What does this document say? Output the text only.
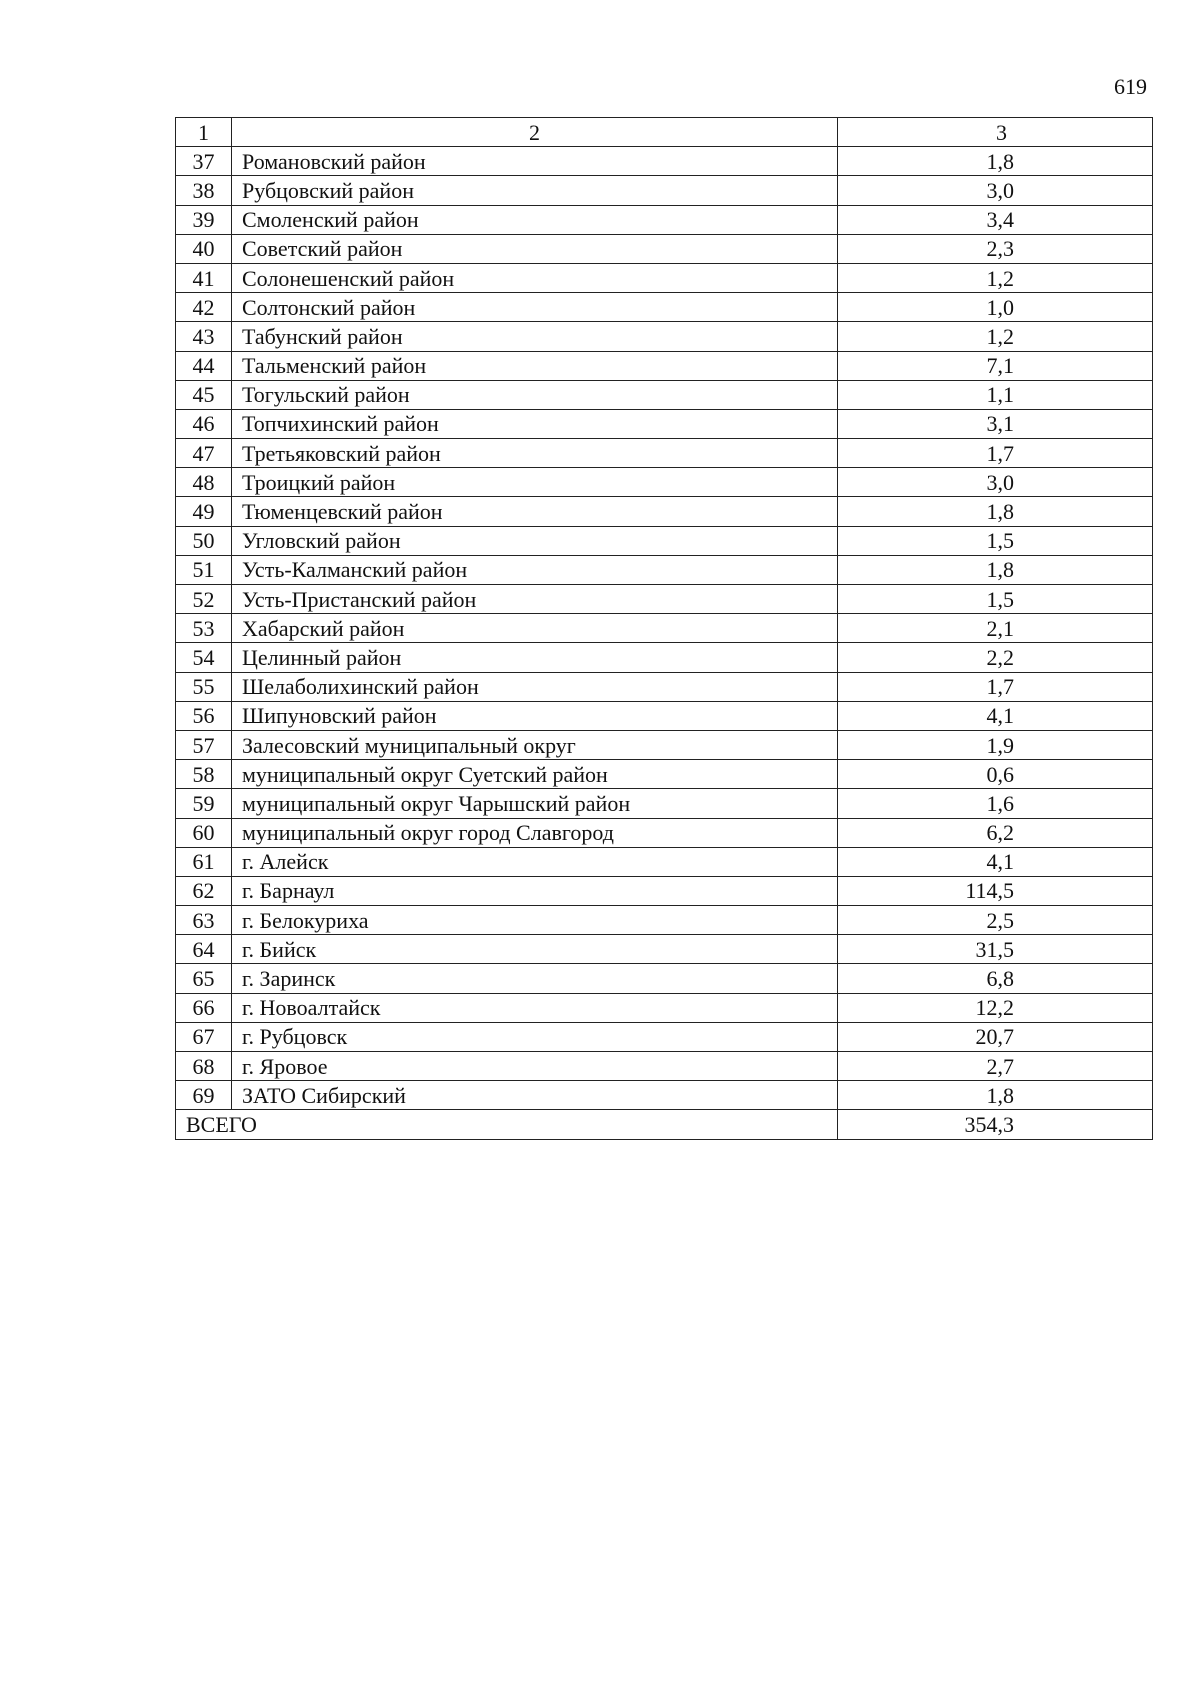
619
1	2	3
37	Романовский район	1,8
38	Рубцовский район	3,0
39	Смоленский район	3,4
40	Советский район	2,3
41	Солонешенский район	1,2
42	Солтонский район	1,0
43	Табунский район	1,2
44	Тальменский район	7,1
45	Тогульский район	1,1
46	Топчихинский район	3,1
47	Третьяковский район	1,7
48	Троицкий район	3,0
49	Тюменцевский район	1,8
50	Угловский район	1,5
51	Усть-Калманский район	1,8
52	Усть-Пристанский район	1,5
53	Хабарский район	2,1
54	Целинный район	2,2
55	Шелаболихинский район	1,7
56	Шипуновский район	4,1
57	Залесовский муниципальный округ	1,9
58	муниципальный округ Суетский район	0,6
59	муниципальный округ Чарышский район	1,6
60	муниципальный округ город Славгород	6,2
61	г. Алейск	4,1
62	г. Барнаул	114,5
63	г. Белокуриха	2,5
64	г. Бийск	31,5
65	г. Заринск	6,8
66	г. Новоалтайск	12,2
67	г. Рубцовск	20,7
68	г. Яровое	2,7
69	ЗАТО Сибирский	1,8
ВСЕГО		354,3
